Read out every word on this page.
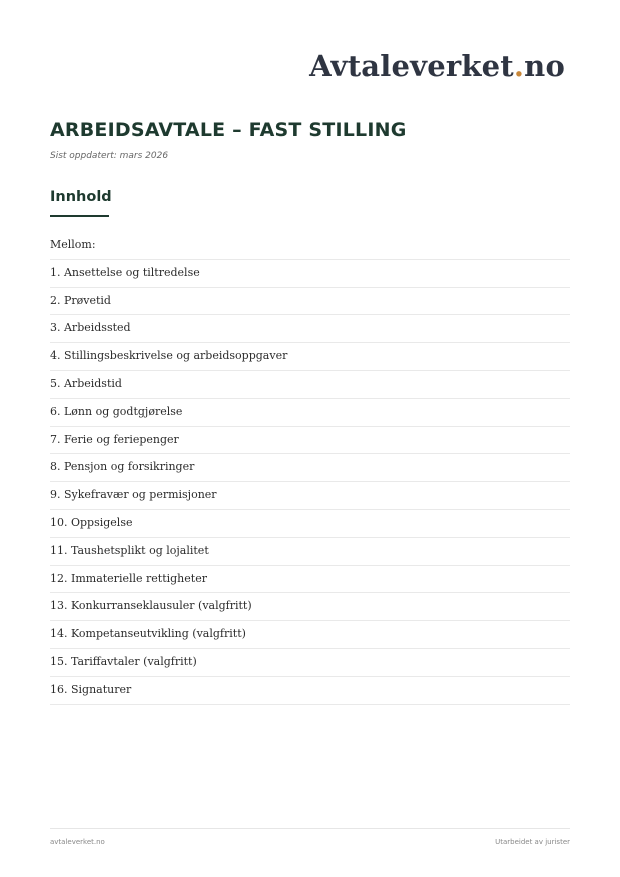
Avtaleverket.no
ARBEIDSAVTALE – FAST STILLING
Sist oppdatert: mars 2026
Innhold
Mellom:
1. Ansettelse og tiltredelse
2. Prøvetid
3. Arbeidssted
4. Stillingsbeskrivelse og arbeidsoppgaver
5. Arbeidstid
6. Lønn og godtgjørelse
7. Ferie og feriepenger
8. Pensjon og forsikringer
9. Sykefravær og permisjoner
10. Oppsigelse
11. Taushetsplikt og lojalitet
12. Immaterielle rettigheter
13. Konkurranseklausuler (valgfritt)
14. Kompetanseutvikling (valgfritt)
15. Tariffavtaler (valgfritt)
16. Signaturer
avtaleverket.no	Utarbeidet av jurister
